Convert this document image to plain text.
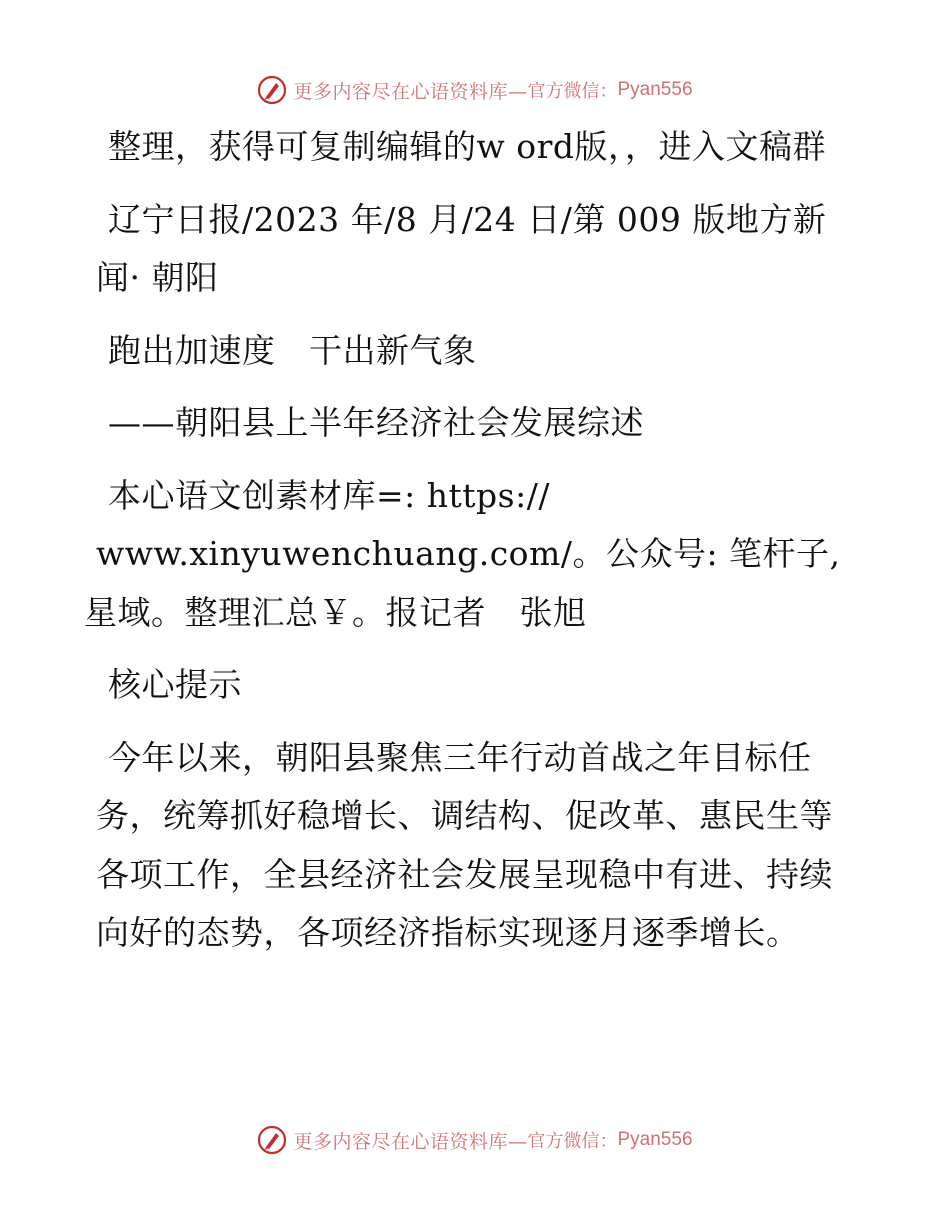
更多内容尽在心语资料库— 官方微信： Pyan556

整理，获得可复制编辑的w ord版，，进入文稿群

辽宁日报/2023 年/8 月/24 日/第 009 版地方新闻· 朝阳

跑出加速度　干出新气象

——朝阳县上半年经济社会发展综述

本心语文创素材库=: https://
www.xinyuwenchuang.com/。公众号: 笔杆子,星域。整理汇总￥。报记者　张旭

核心提示

今年以来，朝阳县聚焦三年行动首战之年目标任务，统筹抓好稳增长、调结构、促改革、惠民生等各项工作，全县经济社会发展呈现稳中有进、持续向好的态势，各项经济指标实现逐月逐季增长。

更多内容尽在心语资料库— 官方微信： Pyan556
